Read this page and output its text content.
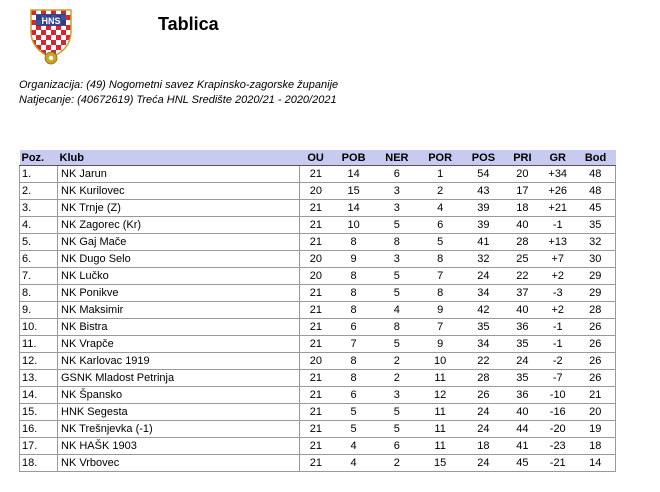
HNS	Tablica
Organizacija: (49) Nogometni savez Krapinsko-zagorske županije
Natjecanje: (40672619) Treća HNL Središte 2020/21 - 2020/2021
Poz.	Klub	OU	POB	NER	POR	POS	PRI	GR	Bod
1.	NK Jarun	21	14	6	1	54	20	+34	48
2.	NK Kurilovec	20	15	3	2	43	17	+26	48
3.	NK Trnje (Z)	21	14	3	4	39	18	+21	45
4.	NK Zagorec (Kr)	21	10	5	6	39	40	-1	35
5.	NK Gaj Mače	21	8	8	5	41	28	+13	32
6.	NK Dugo Selo	20	9	3	8	32	25	+7	30
7.	NK Lučko	20	8	5	7	24	22	+2	29
8.	NK Ponikve	21	8	5	8	34	37	-3	29
9.	NK Maksimir	21	8	4	9	42	40	+2	28
10.	NK Bistra	21	6	8	7	35	36	-1	26
11.	NK Vrapče	21	7	5	9	34	35	-1	26
12.	NK Karlovac 1919	20	8	2	10	22	24	-2	26
13.	GSNK Mladost Petrinja	21	8	2	11	28	35	-7	26
14.	NK Špansko	21	6	3	12	26	36	-10	21
15.	HNK Segesta	21	5	5	11	24	40	-16	20
16.	NK Trešnjevka (-1)	21	5	5	11	24	44	-20	19
17.	NK HAŠK 1903	21	4	6	11	18	41	-23	18
18.	NK Vrbovec	21	4	2	15	24	45	-21	14
